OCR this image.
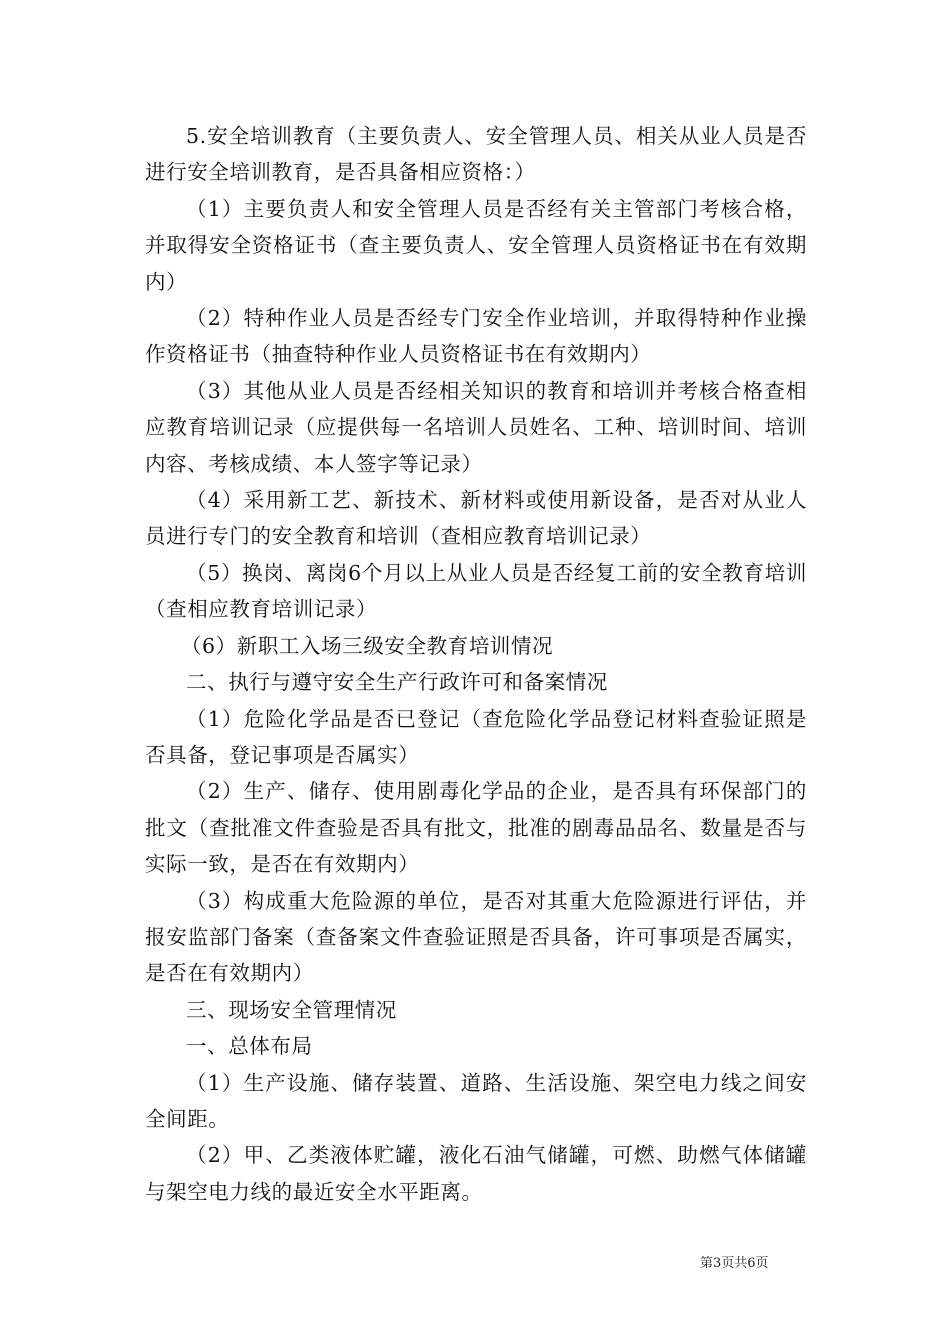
5.安全培训教育（主要负责人、安全管理人员、相关从业人员是否进行安全培训教育，是否具备相应资格：）

（1）主要负责人和安全管理人员是否经有关主管部门考核合格，并取得安全资格证书（查主要负责人、安全管理人员资格证书在有效期内）

（2）特种作业人员是否经专门安全作业培训，并取得特种作业操作资格证书（抽查特种作业人员资格证书在有效期内）

（3）其他从业人员是否经相关知识的教育和培训并考核合格查相应教育培训记录（应提供每一名培训人员姓名、工种、培训时间、培训内容、考核成绩、本人签字等记录）

（4）采用新工艺、新技术、新材料或使用新设备，是否对从业人员进行专门的安全教育和培训（查相应教育培训记录）

（5）换岗、离岗6个月以上从业人员是否经复工前的安全教育培训（查相应教育培训记录）

（6）新职工入场三级安全教育培训情况

二、执行与遵守安全生产行政许可和备案情况

（1）危险化学品是否已登记（查危险化学品登记材料查验证照是否具备，登记事项是否属实）

（2）生产、储存、使用剧毒化学品的企业，是否具有环保部门的批文（查批准文件查验是否具有批文，批准的剧毒品品名、数量是否与实际一致，是否在有效期内）

（3）构成重大危险源的单位，是否对其重大危险源进行评估，并报安监部门备案（查备案文件查验证照是否具备，许可事项是否属实，是否在有效期内）

三、现场安全管理情况

一、总体布局

（1）生产设施、储存装置、道路、生活设施、架空电力线之间安全间距。

（2）甲、乙类液体贮罐，液化石油气储罐，可燃、助燃气体储罐与架空电力线的最近安全水平距离。

第3页共6页
